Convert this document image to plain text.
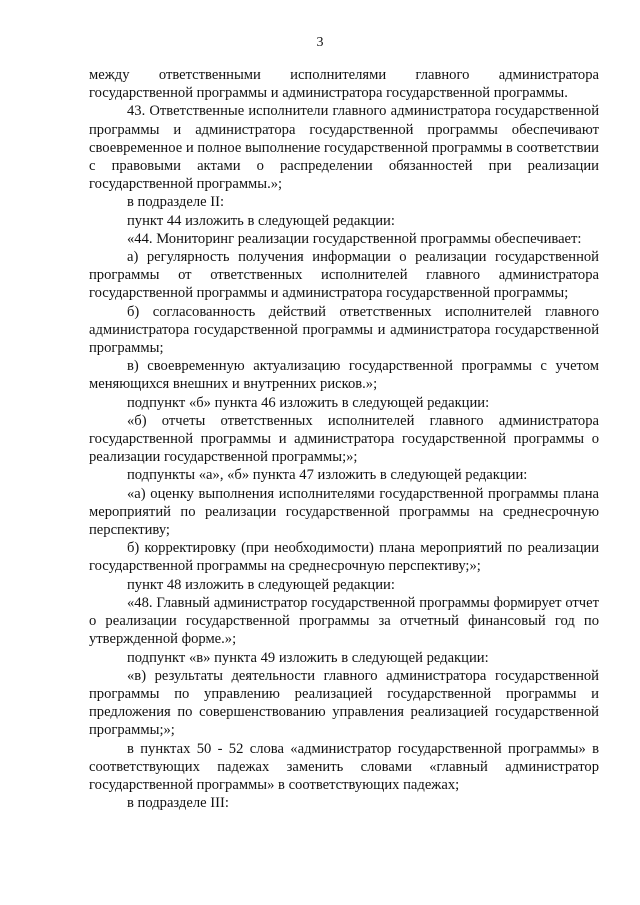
3

между ответственными исполнителями главного администратора государственной программы и администратора государственной программы.

43. Ответственные исполнители главного администратора государственной программы и администратора государственной программы обеспечивают своевременное и полное выполнение государственной программы в соответствии с правовыми актами о распределении обязанностей при реализации государственной программы.»;

в подразделе II:

пункт 44 изложить в следующей редакции:

«44. Мониторинг реализации государственной программы обеспечивает:

а) регулярность получения информации о реализации государственной программы от ответственных исполнителей главного администратора государственной программы и администратора государственной программы;

б) согласованность действий ответственных исполнителей главного администратора государственной программы и администратора государственной программы;

в) своевременную актуализацию государственной программы с учетом меняющихся внешних и внутренних рисков.»;

подпункт «б» пункта 46 изложить в следующей редакции:

«б) отчеты ответственных исполнителей главного администратора государственной программы и администратора государственной программы о реализации государственной программы;»;

подпункты «а», «б» пункта 47 изложить в следующей редакции:

«а) оценку выполнения исполнителями государственной программы плана мероприятий по реализации государственной программы на среднесрочную перспективу;

б) корректировку (при необходимости) плана мероприятий по реализации государственной программы на среднесрочную перспективу;»;

пункт 48 изложить в следующей редакции:

«48. Главный администратор государственной программы формирует отчет о реализации государственной программы за отчетный финансовый год по утвержденной форме.»;

подпункт «в» пункта 49 изложить в следующей редакции:

«в) результаты деятельности главного администратора государственной программы по управлению реализацией государственной программы и предложения по совершенствованию управления реализацией государственной программы;»;

в пунктах 50 - 52 слова «администратор государственной программы» в соответствующих падежах заменить словами «главный администратор государственной программы» в соответствующих падежах;

в подразделе III:
